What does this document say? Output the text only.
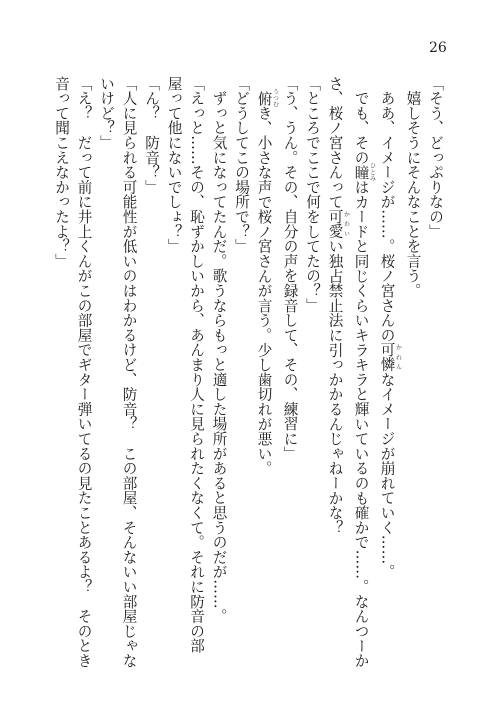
26
「そう、どっぷりなの」
　嬉しそうにそんなことを言う。
　ああ、イメージが……。桜ノ宮さんの可憐 かれんなイメージが崩れていく……。
　でも、その瞳 ひとみはカードと同じくらいキラキラと輝いているのも確かで……。なんつーか
さ、桜ノ宮さんって可愛 かわいい独占禁止法に引っかかるんじゃねーかな？
「ところでここで何をしてたの？」
「う、うん。その、自分の声を録音して、その、練習に」
　俯 うつむき、小さな声で桜ノ宮さんが言う。少し歯切れが悪い。
「どうしてこの場所で？」
　ずっと気になってたんだ。歌うならもっと適した場所があると思うのだが……。
「えっと……その、恥ずかしいから、あんまり人に見られたくなくて。それに防音の部
屋って他にないでしょ？」
「ん？　防音？」
「人に見られる可能性が低いのはわかるけど、防音？　この部屋、そんないい部屋じゃな
いけど？」
「え？　だって前に井上くんがこの部屋でギター弾いてるの見たことあるよ？　そのとき
音って聞こえなかったよ？」
